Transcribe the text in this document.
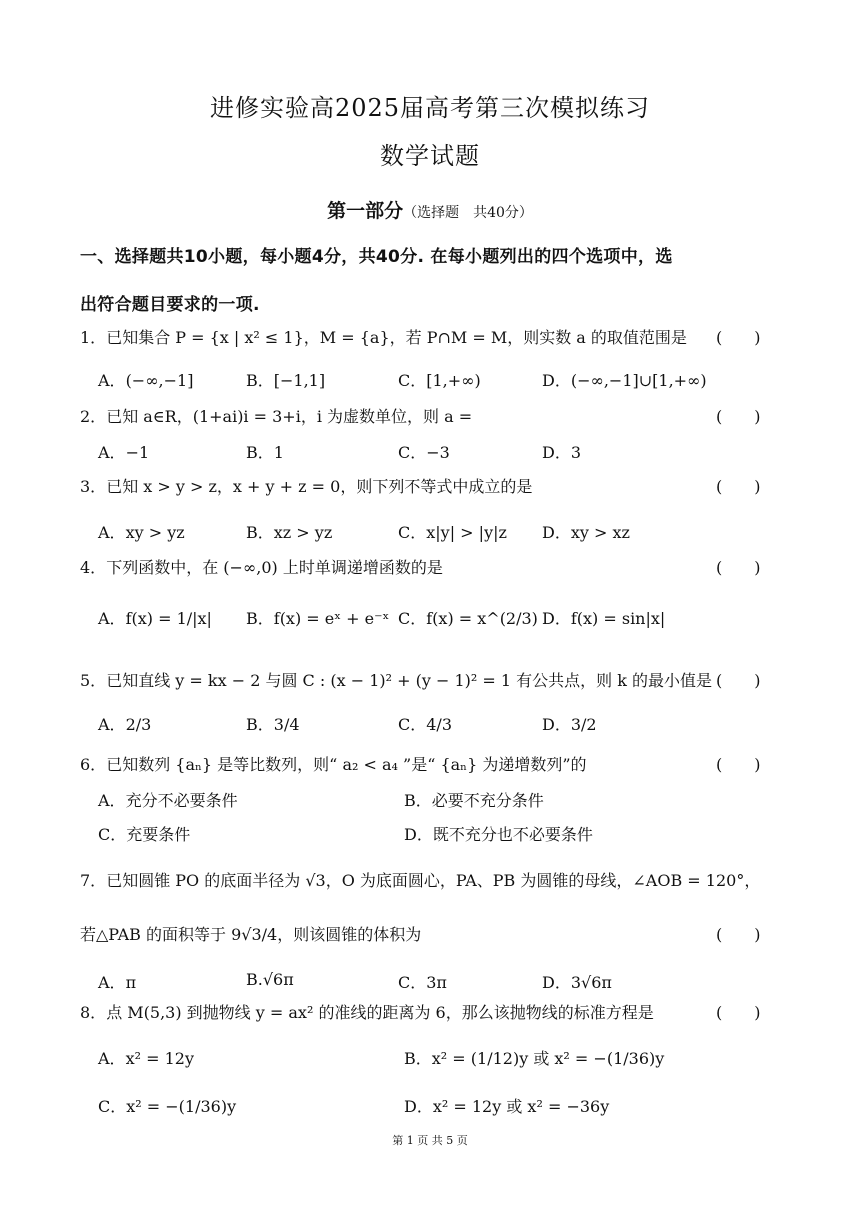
进修实验高2025届高考第三次模拟练习
数学试题
第一部分（选择题　共40分）
一、选择题共10小题，每小题4分，共40分. 在每小题列出的四个选项中，选
出符合题目要求的一项.
1．已知集合 P = {x | x² ≤ 1}，M = {a}，若 P∩M = M，则实数 a 的取值范围是 (　　)
A．(−∞,−1]	B．[−1,1]	C．[1,+∞)	D．(−∞,−1]∪[1,+∞)
2．已知 a∈R，(1+ai)i = 3+i，i 为虚数单位，则 a =	(　　)
A．−1	B．1	C．−3	D．3
3．已知 x > y > z，x + y + z = 0，则下列不等式中成立的是	(　　)
A．xy > yz	B．xz > yz	C．x|y| > |y|z D．xy > xz
4．下列函数中，在 (−∞,0) 上时单调递增函数的是	(　　)
A．f(x) = 1/|x| B．f(x) = eˣ + e⁻ˣ C．f(x) = x^(2/3) D．f(x) = sin|x|
5．已知直线 y = kx − 2 与圆 C : (x − 1)² + (y − 1)² = 1 有公共点，则 k 的最小值是 (　　)
A．2/3	B．3/4	C．4/3	D．3/2
6．已知数列 {aₙ} 是等比数列，则“ a₂ < a₄ ”是“ {aₙ} 为递增数列”的	(　　)
A．充分不必要条件	B．必要不充分条件
C．充要条件	D．既不充分也不必要条件
7．已知圆锥 PO 的底面半径为 √3，O 为底面圆心，PA、PB 为圆锥的母线，∠AOB = 120°，
若△PAB 的面积等于 9√3/4，则该圆锥的体积为	(　　)
A．π	B.√6π	C．3π	D．3√6π
8．点 M(5,3) 到抛物线 y = ax² 的准线的距离为 6，那么该抛物线的标准方程是	(　　)
A．x² = 12y	B．x² = (1/12)y 或 x² = −(1/36)y
C．x² = −(1/36)y	D．x² = 12y 或 x² = −36y
第 1 页 共 5 页
